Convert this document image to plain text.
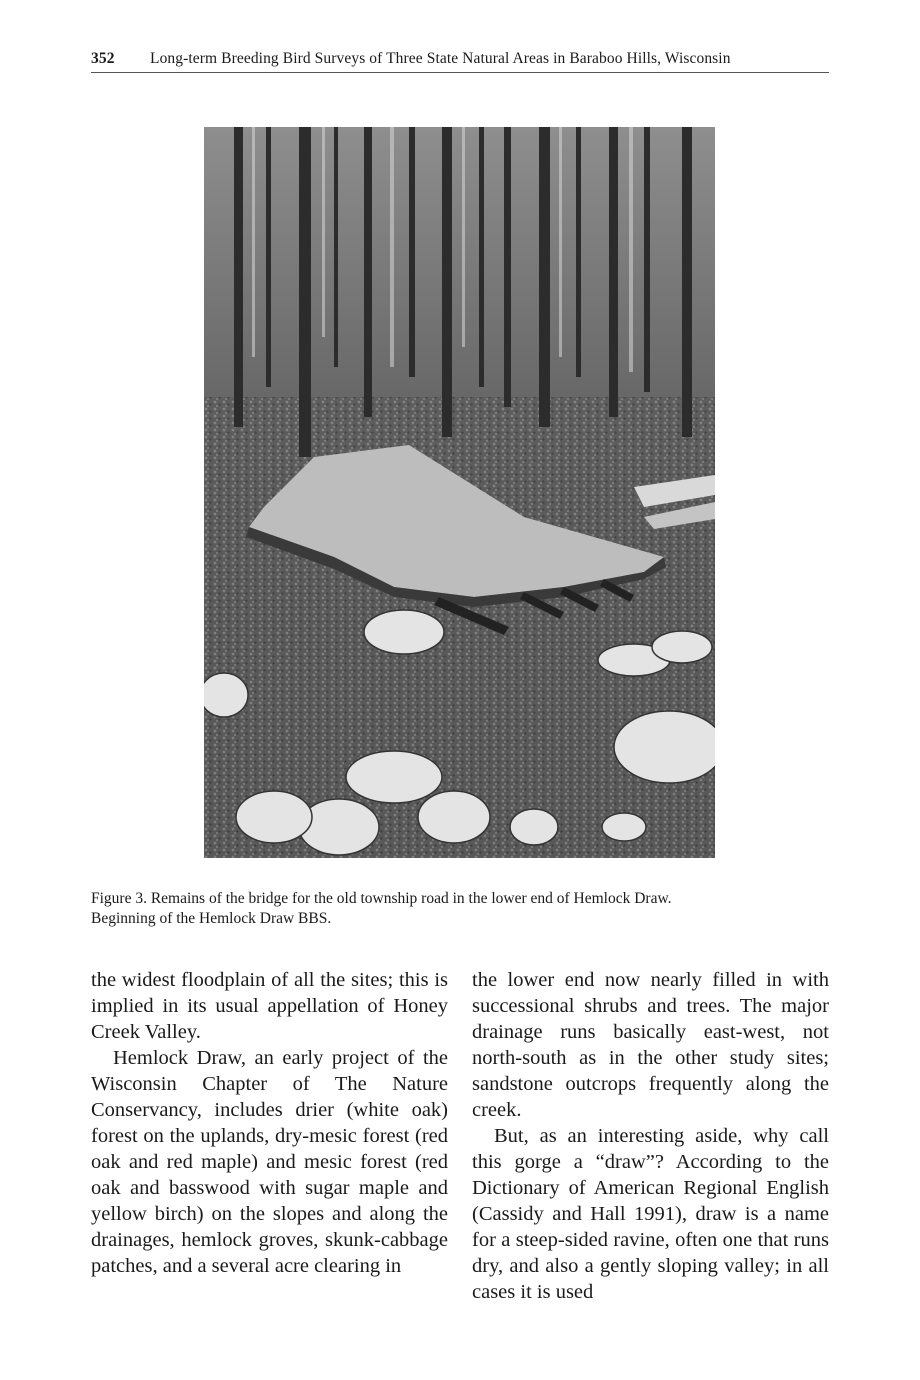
352 Long-term Breeding Bird Surveys of Three State Natural Areas in Baraboo Hills, Wisconsin
Figure 3. Remains of the bridge for the old township road in the lower end of Hemlock Draw.
Beginning of the Hemlock Draw BBS.

the widest floodplain of all the sites; this is implied in its usual appellation of Honey Creek Valley.

Hemlock Draw, an early project of the Wisconsin Chapter of The Nature Conservancy, includes drier (white oak) forest on the uplands, dry-mesic forest (red oak and red maple) and mesic forest (red oak and basswood with sugar maple and yellow birch) on the slopes and along the drainages, hemlock groves, skunk-cabbage patches, and a several acre clearing in

the lower end now nearly filled in with successional shrubs and trees. The major drainage runs basically east-west, not north-south as in the other study sites; sandstone outcrops frequently along the creek.

But, as an interesting aside, why call this gorge a “draw”? According to the Dictionary of American Regional English (Cassidy and Hall 1991), draw is a name for a steep-sided ravine, often one that runs dry, and also a gently sloping valley; in all cases it is used
